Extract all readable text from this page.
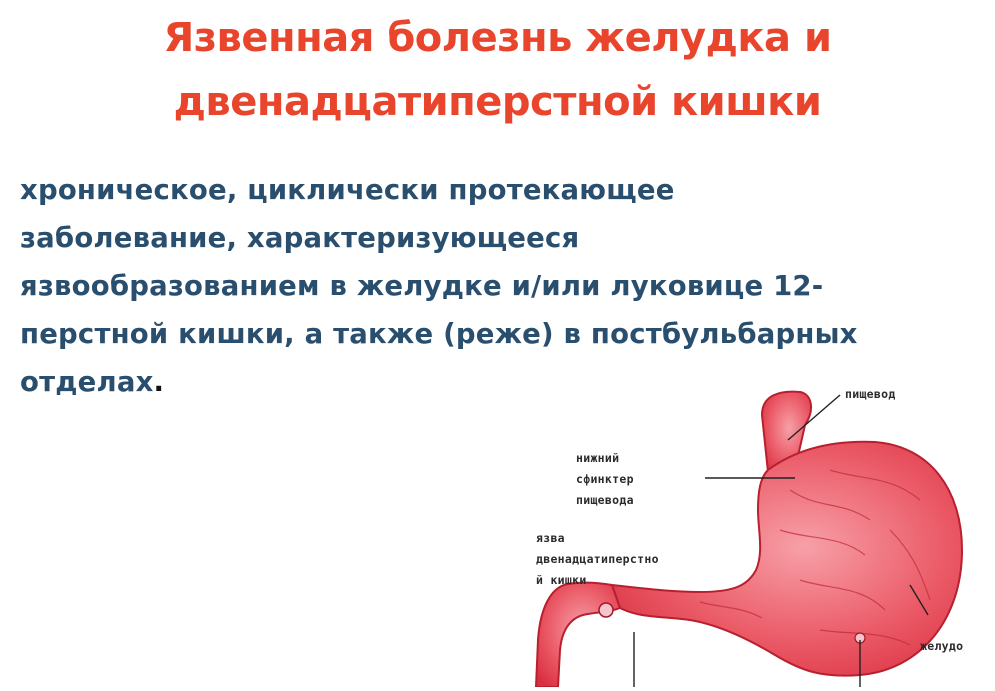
Язвенная болезнь желудка и
двенадцатиперстной кишки
хроническое, циклически протекающее
заболевание, характеризующееся
язвообразованием в желудке и/или луковице 12-
перстной кишки, а также (реже) в постбульбарных
отделах.	пищевод
нижний
сфинктер
пищевода
язва
двенадцатиперстно
й кишки
желудо
